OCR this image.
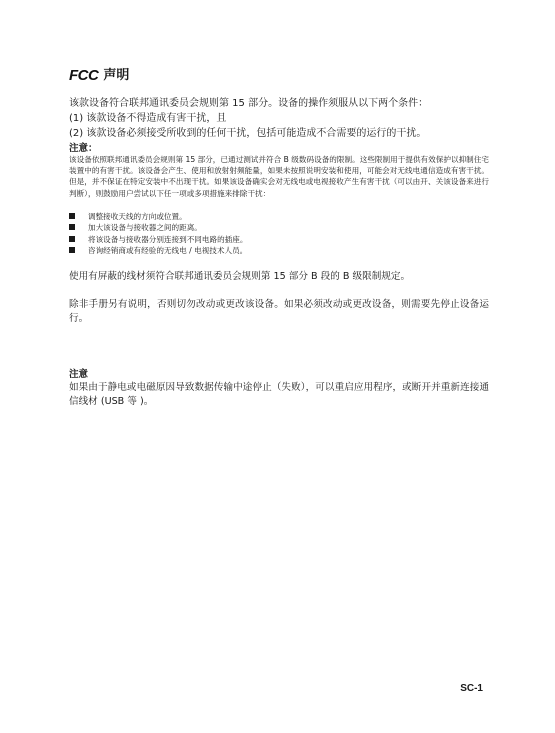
FCC 声明

该款设备符合联邦通讯委员会规则第 15 部分。设备的操作须服从以下两个条件：

(1) 该款设备不得造成有害干扰，且

(2) 该款设备必须接受所收到的任何干扰，包括可能造成不合需要的运行的干扰。

注意：

该设备依照联邦通讯委员会规则第 15 部分，已通过测试并符合 B 级数码设备的限制。这些限制用于提供有效保护以抑制住宅装置中的有害干扰。该设备会产生、使用和放射射频能量，如果未按照说明安装和使用，可能会对无线电通信造成有害干扰。但是，并不保证在特定安装中不出现干扰。如果该设备确实会对无线电或电视接收产生有害干扰（可以由开、关该设备来进行判断），则鼓励用户尝试以下任一项或多项措施来排除干扰：

调整接收天线的方向或位置。
加大该设备与接收器之间的距离。
将该设备与接收器分别连接到不同电路的插座。
咨询经销商或有经验的无线电 / 电视技术人员。
使用有屏蔽的线材须符合联邦通讯委员会规则第 15 部分 B 段的 B 级限制规定。
除非手册另有说明，否则切勿改动或更改该设备。如果必须改动或更改设备，则需要先停止设备运行。
注意
如果由于静电或电磁原因导致数据传输中途停止（失败），可以重启应用程序，或断开并重新连接通信线材 (USB 等 )。
SC-1
